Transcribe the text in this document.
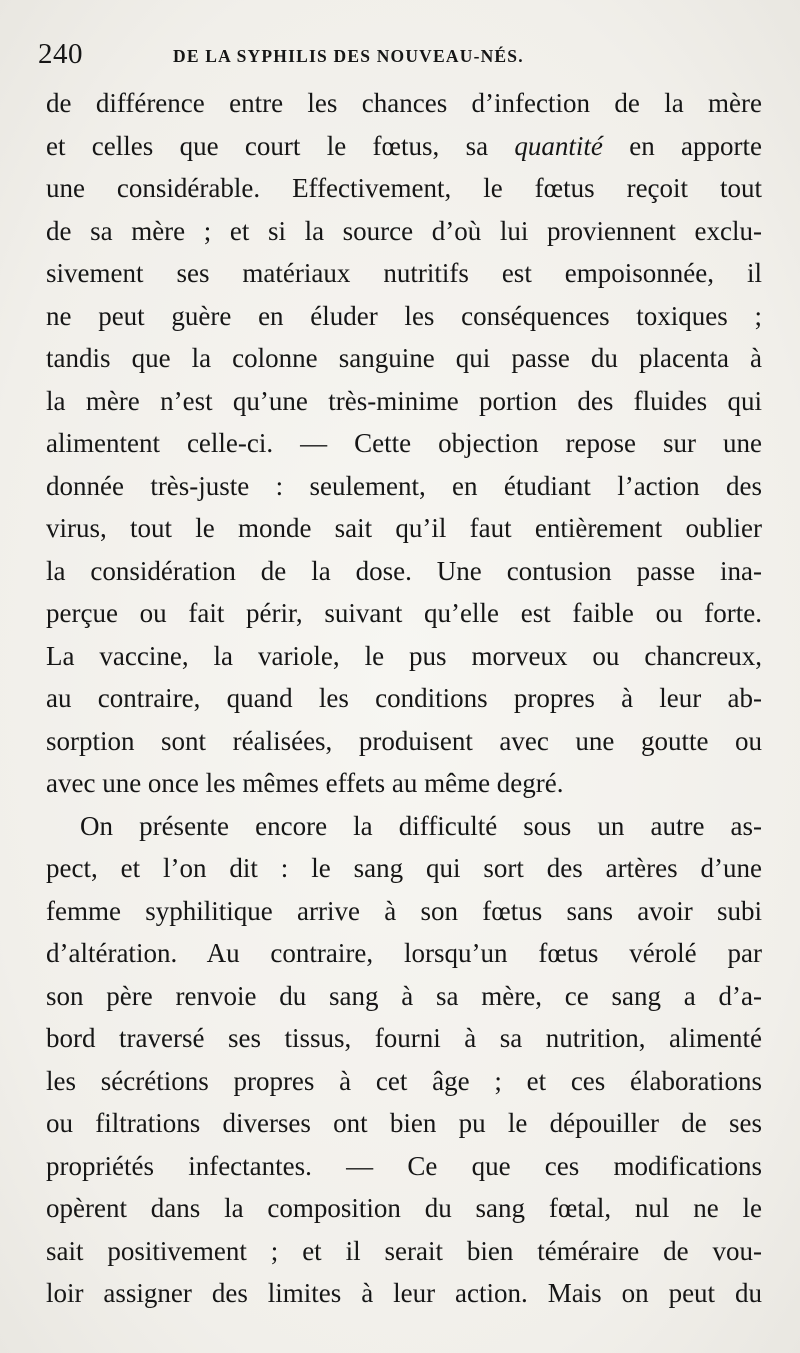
240	DE LA SYPHILIS DES NOUVEAU-NÉS.
de différence entre les chances d’infection de la mère
et celles que court le fœtus, sa quantité en apporte
une considérable. Effectivement, le fœtus reçoit tout
de sa mère ; et si la source d’où lui proviennent exclu-
sivement ses matériaux nutritifs est empoisonnée, il
ne peut guère en éluder les conséquences toxiques ;
tandis que la colonne sanguine qui passe du placenta à
la mère n’est qu’une très-minime portion des fluides qui
alimentent celle-ci. — Cette objection repose sur une
donnée très-juste : seulement, en étudiant l’action des
virus, tout le monde sait qu’il faut entièrement oublier
la considération de la dose. Une contusion passe ina-
perçue ou fait périr, suivant qu’elle est faible ou forte.
La vaccine, la variole, le pus morveux ou chancreux,
au contraire, quand les conditions propres à leur ab-
sorption sont réalisées, produisent avec une goutte ou
avec une once les mêmes effets au même degré.
On présente encore la difficulté sous un autre as-
pect, et l’on dit : le sang qui sort des artères d’une
femme syphilitique arrive à son fœtus sans avoir subi
d’altération. Au contraire, lorsqu’un fœtus vérolé par
son père renvoie du sang à sa mère, ce sang a d’a-
bord traversé ses tissus, fourni à sa nutrition, alimenté
les sécrétions propres à cet âge ; et ces élaborations
ou filtrations diverses ont bien pu le dépouiller de ses
propriétés infectantes. — Ce que ces modifications
opèrent dans la composition du sang fœtal, nul ne le
sait positivement ; et il serait bien téméraire de vou-
loir assigner des limites à leur action. Mais on peut du
